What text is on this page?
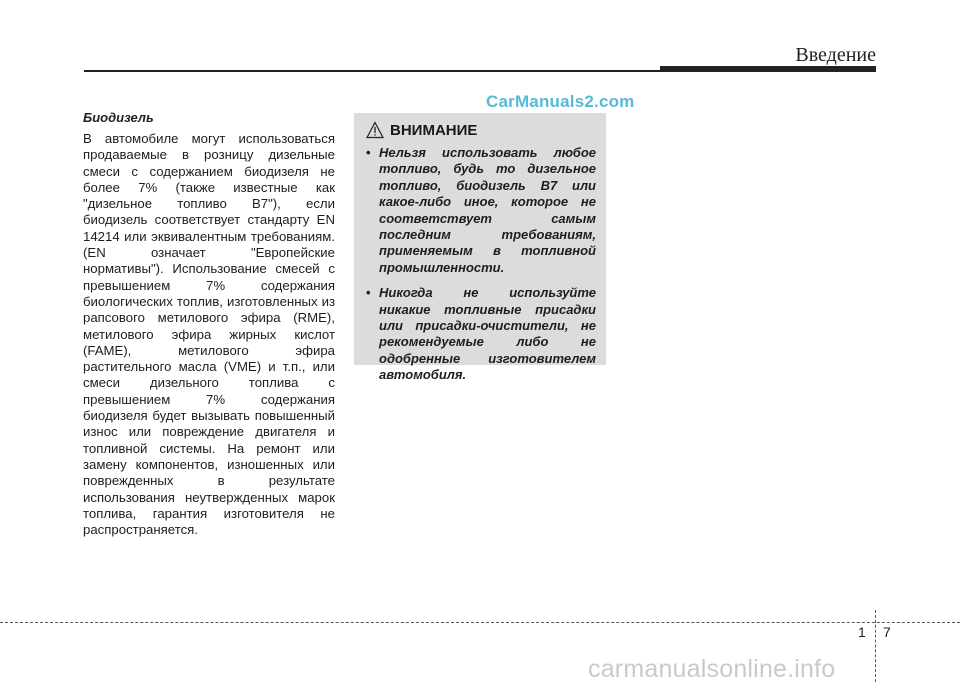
Введение
CarManuals2.com
Биодизель

В автомобиле могут использоваться продаваемые в розницу дизельные смеси с содержанием биодизеля не более 7% (также известные как "дизельное топливо B7"), если биодизель соответствует стандарту EN 14214 или эквивалентным требованиям. (EN означает "Европейские нормативы"). Использование смесей с превышением 7% содержания биологических топлив, изготовленных из рапсового метилового эфира (RME), метилового эфира жирных кислот (FAME), метилового эфира растительного масла (VME) и т.п., или смеси дизельного топлива с превышением 7% содержания биодизеля будет вызывать повышенный износ или повреждение двигателя и топливной системы. На ремонт или замену компонентов, изношенных или поврежденных в результате использования неутвержденных марок топлива, гарантия изготовителя не распространяется.

ВНИМАНИЕ
• Нельзя использовать любое топливо, будь то дизельное топливо, биодизель B7 или какое-либо иное, которое не соответствует самым последним требованиям, применяемым в топливной промышленности.
• Никогда не используйте никакие топливные присадки или присадки-очистители, не рекомендуемые либо не одобренные изготовителем автомобиля.
1 7
carmanualsonline.info
